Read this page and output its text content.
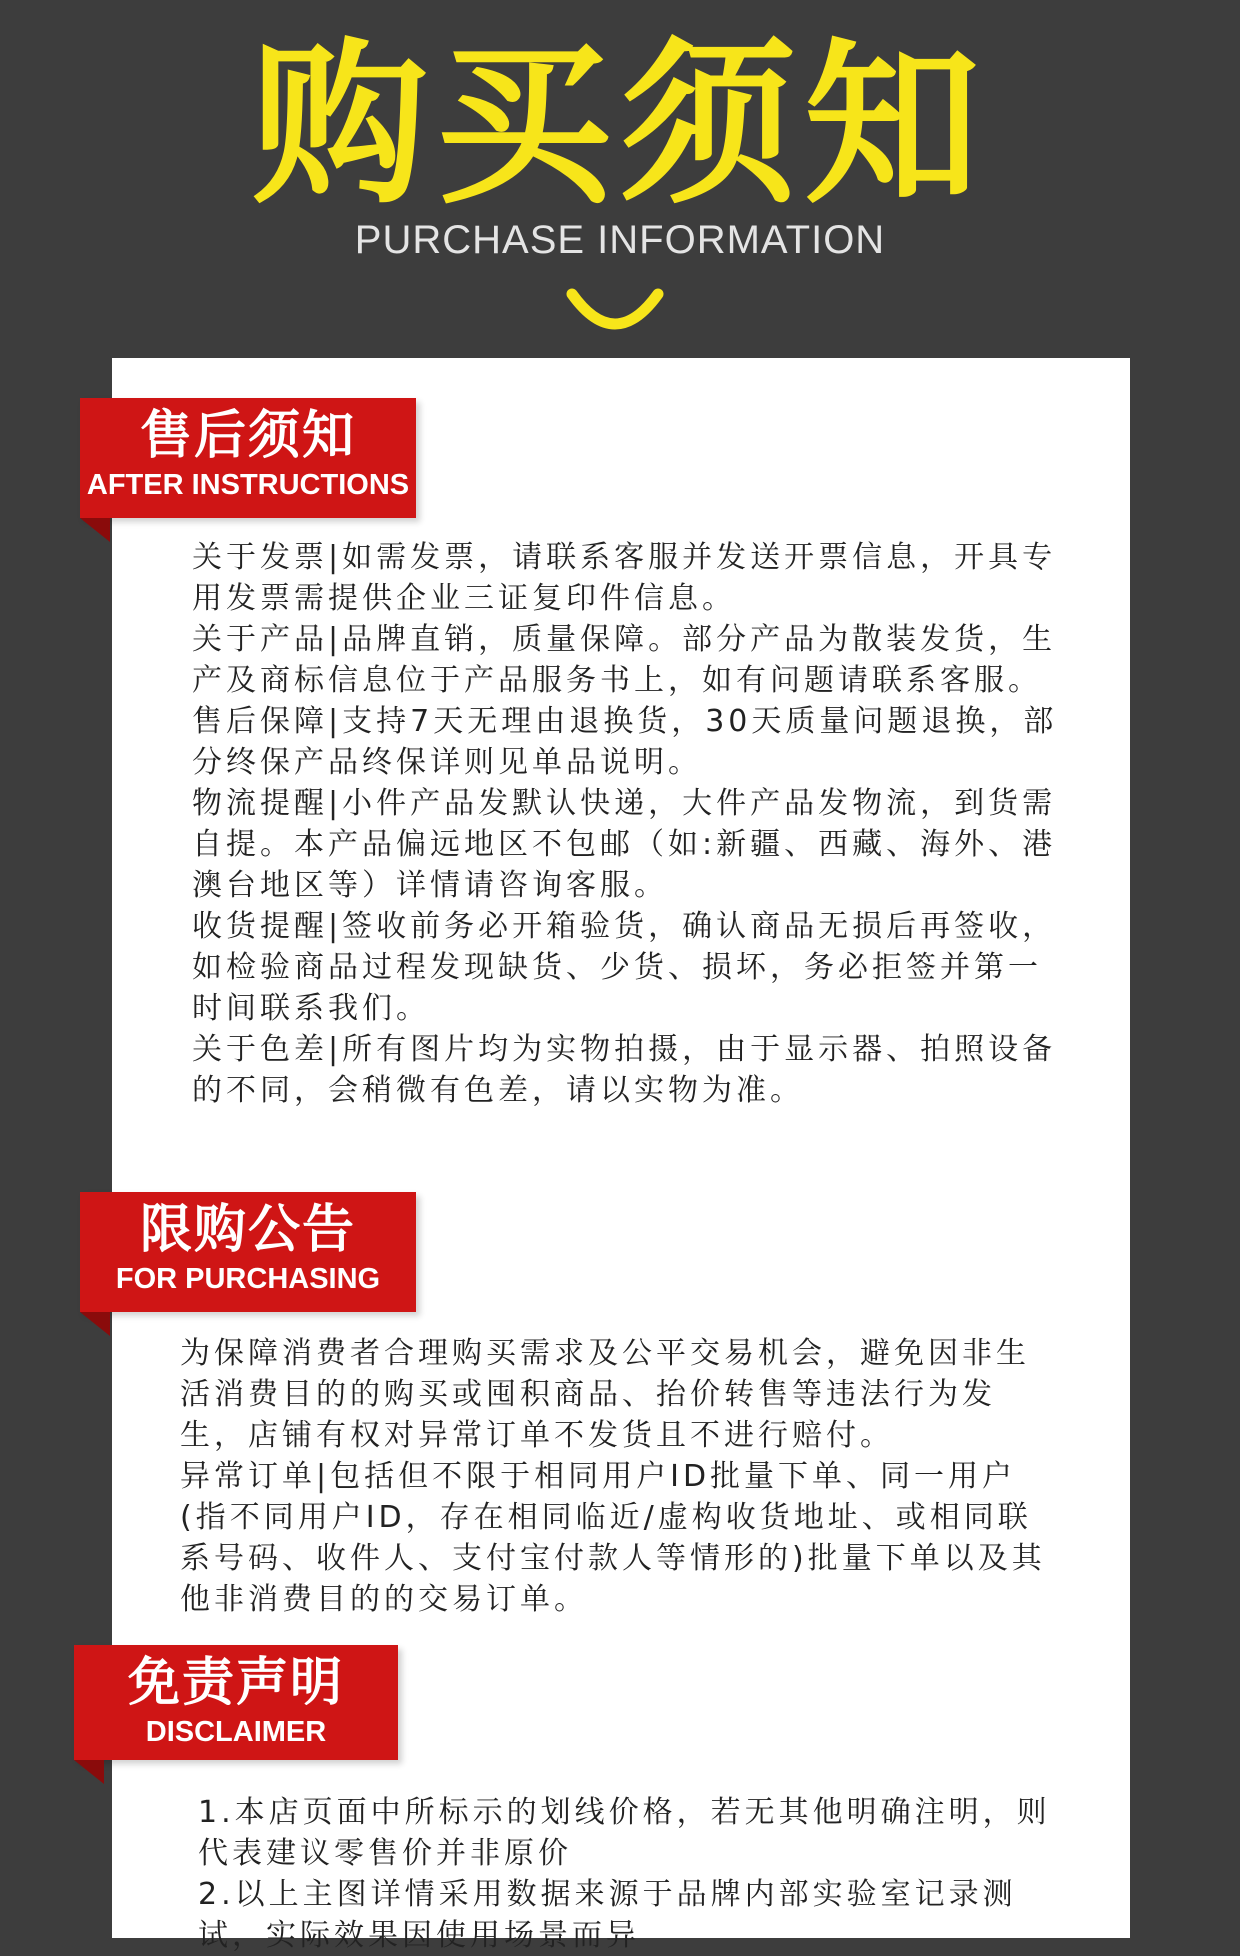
购买须知
PURCHASE INFORMATION
售后须知
AFTER INSTRUCTIONS
关于发票|如需发票，请联系客服并发送开票信息，开具专用发票需提供企业三证复印件信息。
关于产品|品牌直销，质量保障。部分产品为散装发货，生产及商标信息位于产品服务书上，如有问题请联系客服。
售后保障|支持7天无理由退换货，30天质量问题退换，部分终保产品终保详则见单品说明。
物流提醒|小件产品发默认快递，大件产品发物流，到货需自提。本产品偏远地区不包邮（如:新疆、西藏、海外、港澳台地区等）详情请咨询客服。
收货提醒|签收前务必开箱验货，确认商品无损后再签收，如检验商品过程发现缺货、少货、损坏，务必拒签并第一时间联系我们。
关于色差|所有图片均为实物拍摄，由于显示器、拍照设备的不同，会稍微有色差，请以实物为准。
限购公告
FOR PURCHASING
为保障消费者合理购买需求及公平交易机会，避免因非生活消费目的的购买或囤积商品、抬价转售等违法行为发生，店铺有权对异常订单不发货且不进行赔付。
异常订单|包括但不限于相同用户ID批量下单、同一用户(指不同用户ID，存在相同临近/虚构收货地址、或相同联系号码、收件人、支付宝付款人等情形的)批量下单以及其他非消费目的的交易订单。
免责声明
DISCLAIMER
1.本店页面中所标示的划线价格，若无其他明确注明，则代表建议零售价并非原价
2.以上主图详情采用数据来源于品牌内部实验室记录测试，实际效果因使用场景而异
